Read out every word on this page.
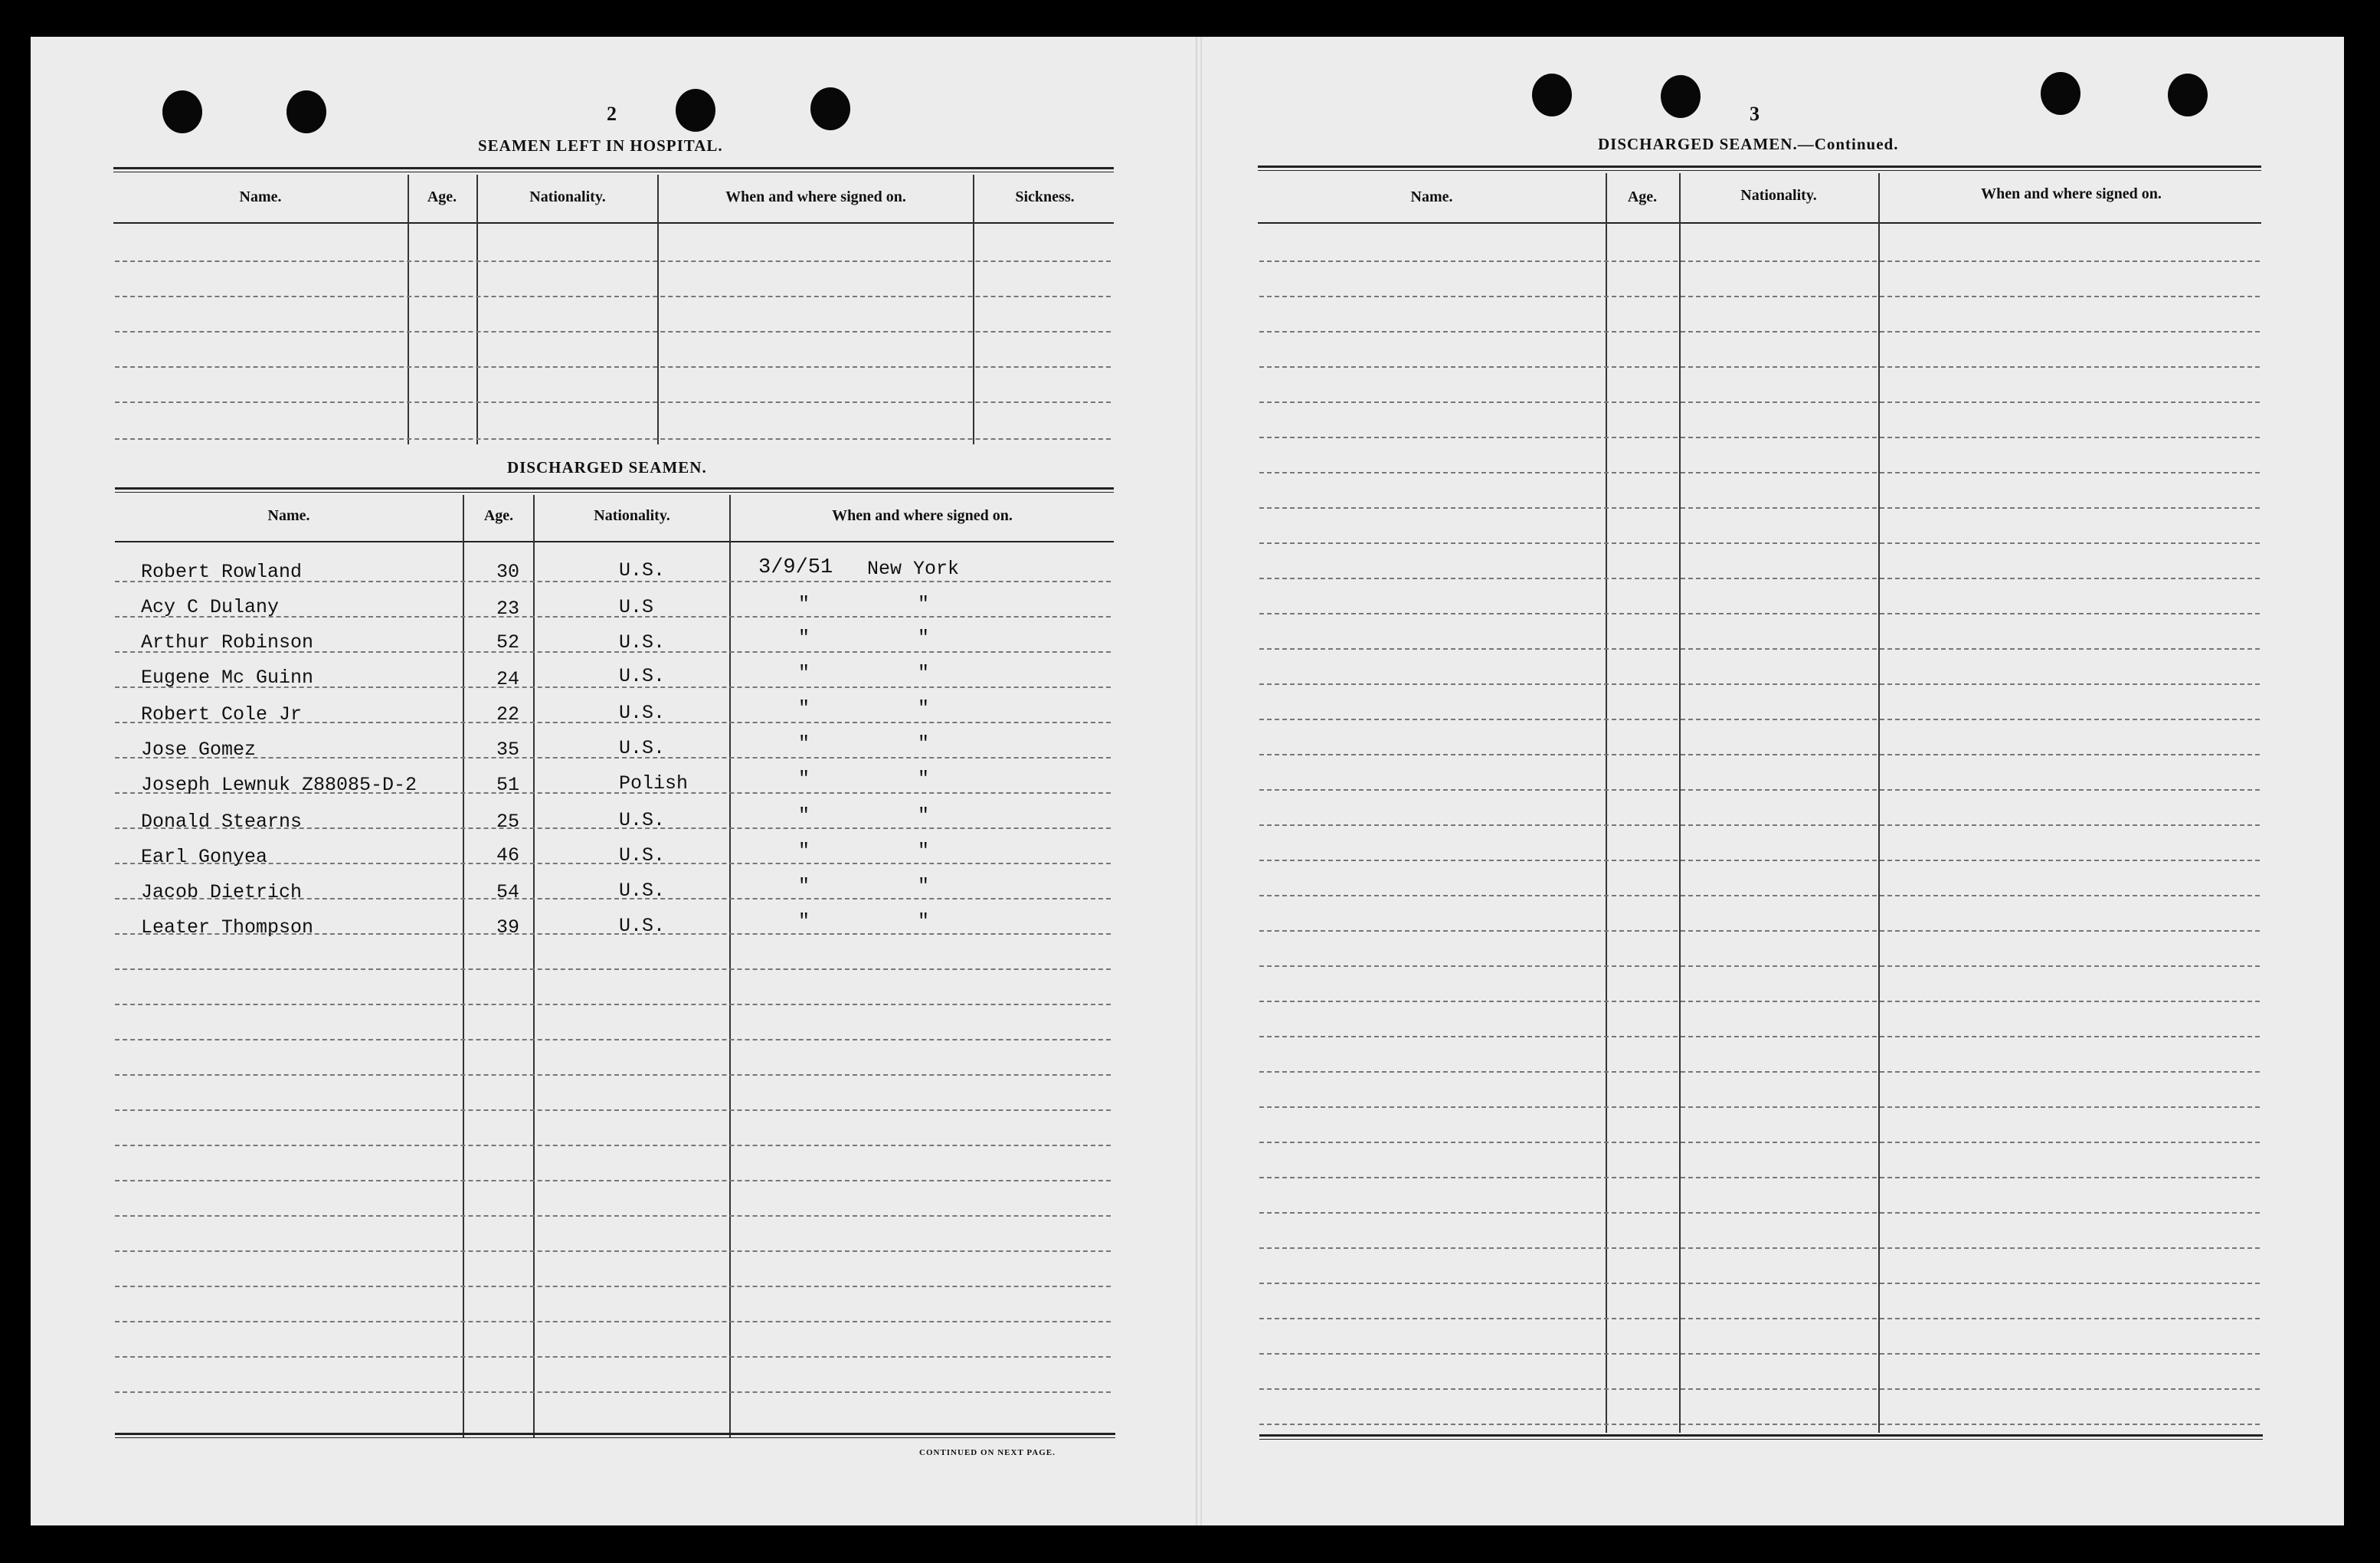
2
SEAMEN LEFT IN HOSPITAL.
Name.	Age.	Nationality.	When and where signed on.	Sickness.
DISCHARGED SEAMEN.
Name.	Age.	Nationality.	When and where signed on.
Robert Rowland	30	U.S.	3/9/51 New York
Acy C Dulany	23	U.S	"	"
Arthur Robinson	52	U.S.	"	"
Eugene Mc Guinn	24	U.S.	"	"
Robert Cole Jr	22	U.S.	"	"
Jose Gomez	35	U.S.	"	"
Joseph Lewnuk Z88085-D-2	51	Polish	"	"
Donald Stearns	25	U.S.	"	"
Earl Gonyea	46	U.S.	"	"
Jacob Dietrich	54	U.S.	"	"
Leater Thompson	39	U.S.	"	"
CONTINUED ON NEXT PAGE.
3
DISCHARGED SEAMEN.—Continued.
Name.	Age.	Nationality.	When and where signed on.
